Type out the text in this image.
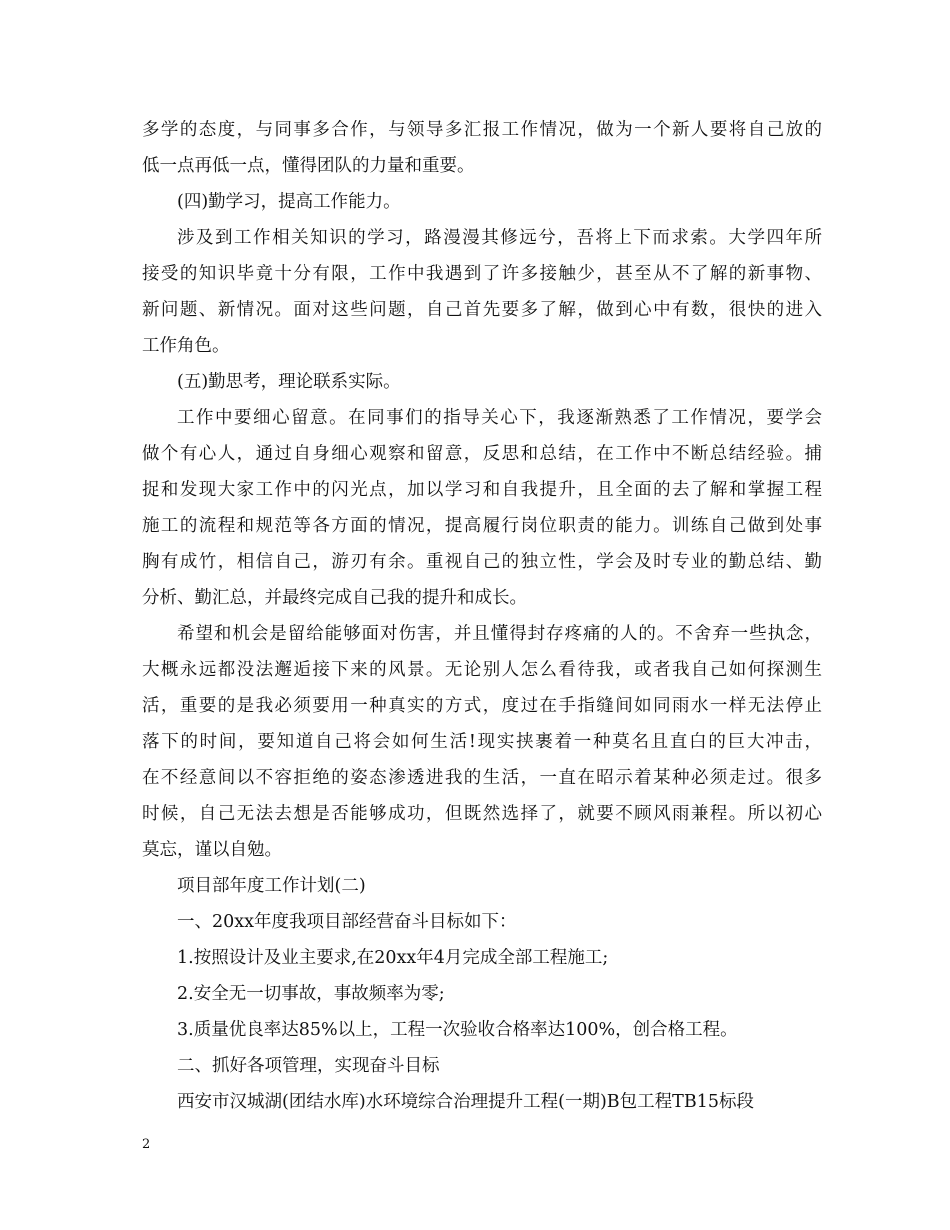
多学的态度，与同事多合作，与领导多汇报工作情况，做为一个新人要将自己放的
低一点再低一点，懂得团队的力量和重要。
(四)勤学习，提高工作能力。
涉及到工作相关知识的学习，路漫漫其修远兮，吾将上下而求索。大学四年所
接受的知识毕竟十分有限，工作中我遇到了许多接触少，甚至从不了解的新事物、
新问题、新情况。面对这些问题，自己首先要多了解，做到心中有数，很快的进入
工作角色。
(五)勤思考，理论联系实际。
工作中要细心留意。在同事们的指导关心下，我逐渐熟悉了工作情况，要学会
做个有心人，通过自身细心观察和留意，反思和总结，在工作中不断总结经验。捕
捉和发现大家工作中的闪光点，加以学习和自我提升，且全面的去了解和掌握工程
施工的流程和规范等各方面的情况，提高履行岗位职责的能力。训练自己做到处事
胸有成竹，相信自己，游刃有余。重视自己的独立性，学会及时专业的勤总结、勤
分析、勤汇总，并最终完成自己我的提升和成长。
希望和机会是留给能够面对伤害，并且懂得封存疼痛的人的。不舍弃一些执念，
大概永远都没法邂逅接下来的风景。无论别人怎么看待我，或者我自己如何探测生
活，重要的是我必须要用一种真实的方式，度过在手指缝间如同雨水一样无法停止
落下的时间，要知道自己将会如何生活!现实挟裹着一种莫名且直白的巨大冲击，
在不经意间以不容拒绝的姿态渗透进我的生活，一直在昭示着某种必须走过。很多
时候，自己无法去想是否能够成功，但既然选择了，就要不顾风雨兼程。所以初心
莫忘，谨以自勉。
项目部年度工作计划(二)
一、20xx年度我项目部经营奋斗目标如下：
1.按照设计及业主要求,在20xx年4月完成全部工程施工;
2.安全无一切事故，事故频率为零;
3.质量优良率达85%以上，工程一次验收合格率达100%，创合格工程。
二、抓好各项管理，实现奋斗目标
西安市汉城湖(团结水库)水环境综合治理提升工程(一期)B包工程TB15标段
2
